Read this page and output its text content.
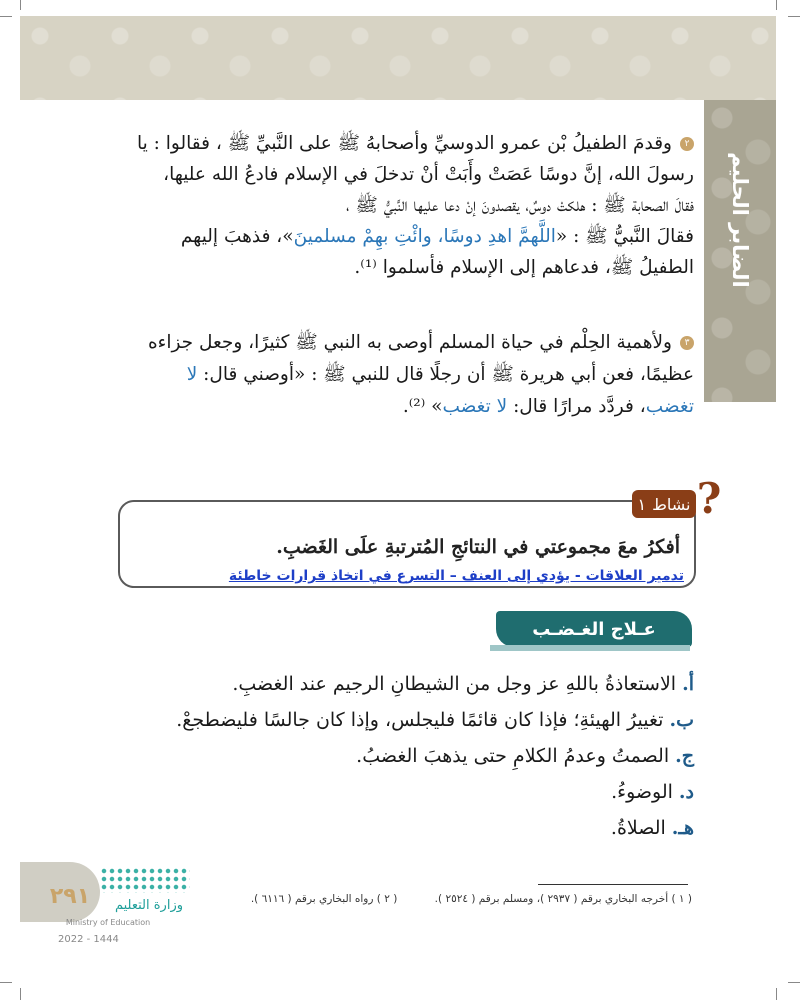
الضابر الحليم

٢وقدمَ الطفيلُ بْن عمرو الدوسيِّ وأصحابهُ ﷺ على النَّبيِّ ﷺ ، فقالوا : يا

رسولَ الله، إنَّ دوسًا عَصَتْ وأَبَتْ أنْ تدخلَ في الإسلام فادعُ الله عليها،

فقالَ الصحابة ﷺ : هلكتْ دوسٌ، يقصدونَ إنْ دعا عليها النَّبيُّ ﷺ ،

فقالَ النَّبيُّ ﷺ : «اللَّهمَّ اهدِ دوسًا، وائْتِ بهِمْ مسلمينَ»، فذهبَ إليهم

الطفيلُ ﷺ، فدعاهم إلى الإسلام فأسلموا ⁽¹⁾.

٣ولأهمية الحِلْم في حياة المسلم أوصى به النبي ﷺ كثيرًا، وجعل جزاءه

عظيمًا، فعن أبي هريرة ﷺ أن رجلًا قال للنبي ﷺ : «أوصني قال: لا

تغضب، فردَّد مرارًا قال: لا تغضب» ⁽²⁾.

نشاط
١ ?
أفكرُ معَ مجموعتي في النتائجِ المُترتبةِ علَى الغَضبِ.
تدمير العلاقات - يؤدي إلى العنف – التسرع في اتخاذ قرارات خاطئة
عـلاج الغـضـب
أ.الاستعاذةُ باللهِ عز وجل من الشيطانِ الرجيم عند الغضبِ.
ب.تغييرُ الهيئةِ؛ فإذا كان قائمًا فليجلس، وإذا كان جالسًا فليضطجعْ.
ج.الصمتُ وعدمُ الكلامِ حتى يذهبَ الغضبُ.
د.الوضوءُ.
هـ.الصلاةُ.
( ١ ) أخرجه البخاري برقم ( ٢٩٣٧ )، ومسلم برقم ( ٢٥٢٤ ). ( ٢ ) رواه البخاري برقم ( ٦١١٦ ).
٢٩١	وزارة التعليم
Ministry of Education
2022 - 1444
